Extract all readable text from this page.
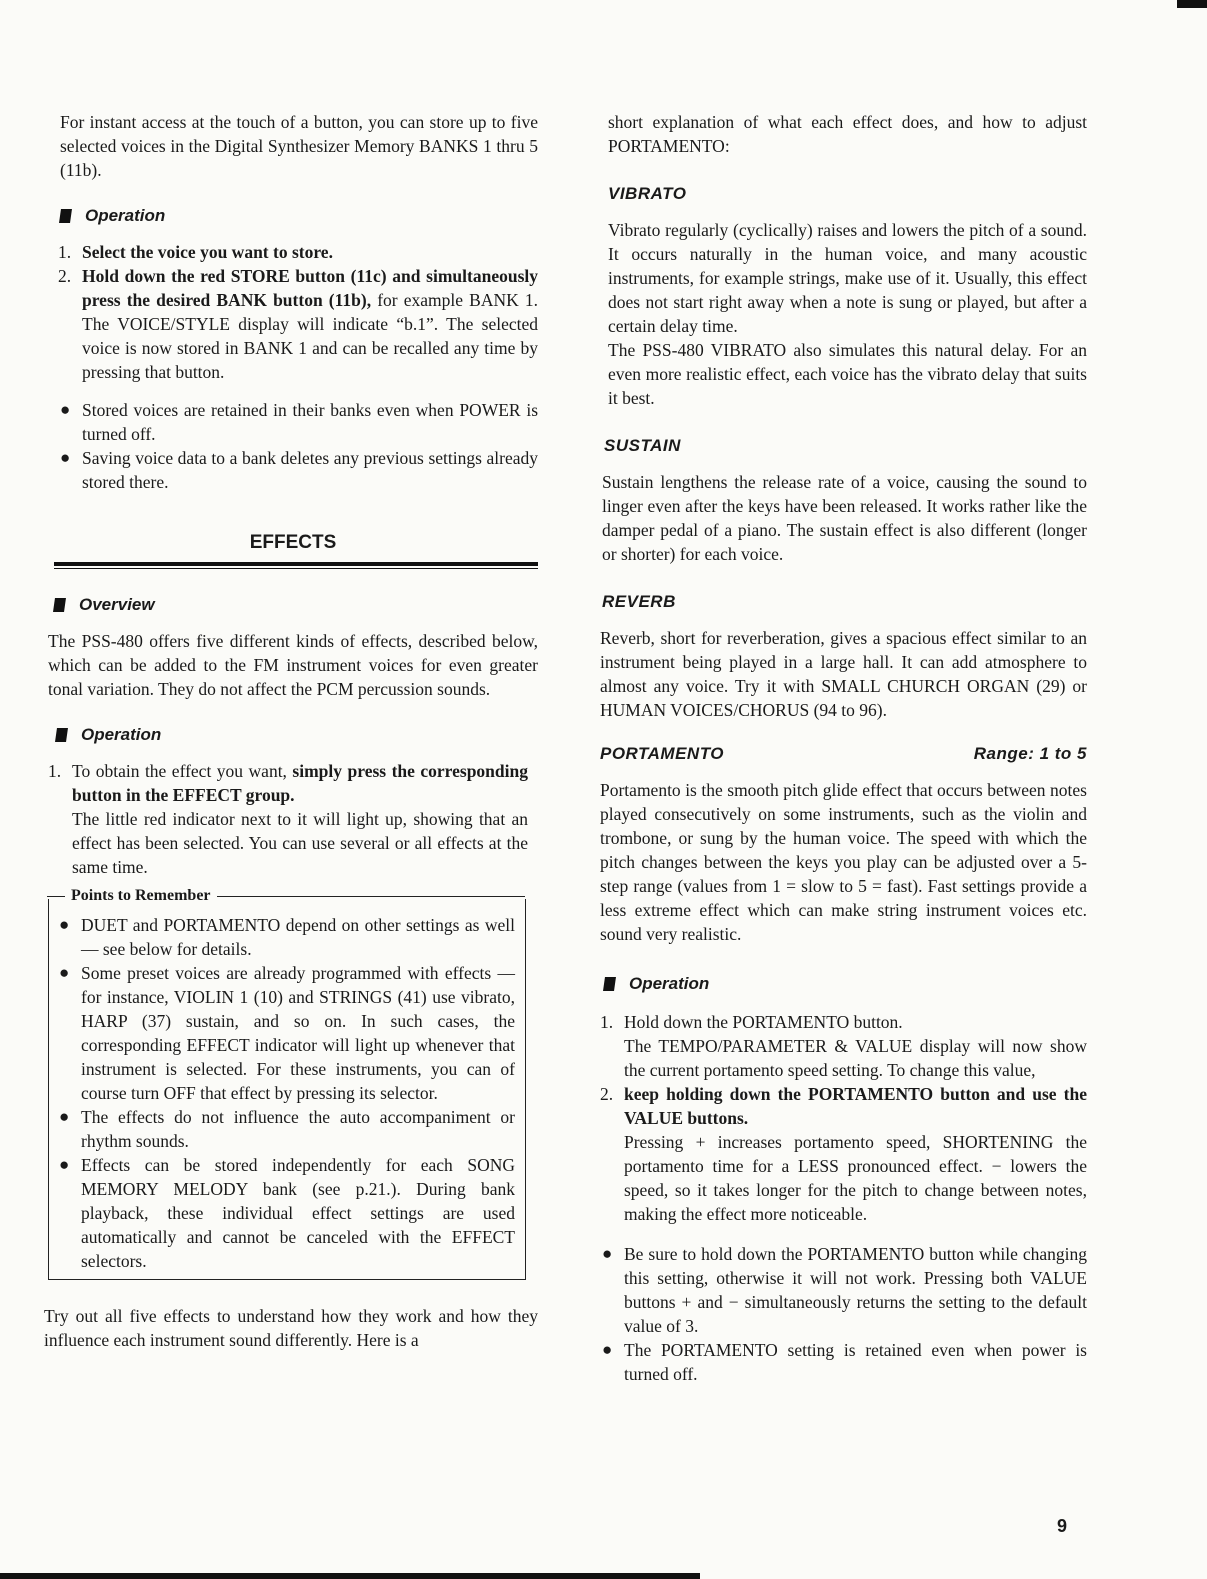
For instant access at the touch of a button, you can store up to five selected voices in the Digital Synthesizer Memory BANKS 1 thru 5 (11b).

Operation
1. Select the voice you want to store.
2. Hold down the red STORE button (11c) and simultaneously press the desired BANK button (11b), for example BANK 1. The VOICE/STYLE display will indicate “b.1”. The selected voice is now stored in BANK 1 and can be recalled any time by pressing that button.
● Stored voices are retained in their banks even when POWER is turned off.
● Saving voice data to a bank deletes any previous settings already stored there.
EFFECTS
Overview

The PSS-480 offers five different kinds of effects, described below, which can be added to the FM instrument voices for even greater tonal variation. They do not affect the PCM percussion sounds.

Operation
1. To obtain the effect you want, simply press the corresponding button in the EFFECT group.
The little red indicator next to it will light up, showing that an effect has been selected. You can use several or all effects at the same time.
Points to Remember
● DUET and PORTAMENTO depend on other settings as well — see below for details.
● Some preset voices are already programmed with effects — for instance, VIOLIN 1 (10) and STRINGS (41) use vibrato, HARP (37) sustain, and so on. In such cases, the corresponding EFFECT indicator will light up whenever that instrument is selected. For these instruments, you can of course turn OFF that effect by pressing its selector.
● The effects do not influence the auto accompaniment or rhythm sounds.
● Effects can be stored independently for each SONG MEMORY MELODY bank (see p.21.). During bank playback, these individual effect settings are used automatically and cannot be canceled with the EFFECT selectors.

Try out all five effects to understand how they work and how they influence each instrument sound differently. Here is a

short explanation of what each effect does, and how to adjust PORTAMENTO:

VIBRATO

Vibrato regularly (cyclically) raises and lowers the pitch of a sound. It occurs naturally in the human voice, and many acoustic instruments, for example strings, make use of it. Usually, this effect does not start right away when a note is sung or played, but after a certain delay time.

The PSS-480 VIBRATO also simulates this natural delay. For an even more realistic effect, each voice has the vibrato delay that suits it best.

SUSTAIN

Sustain lengthens the release rate of a voice, causing the sound to linger even after the keys have been released. It works rather like the damper pedal of a piano. The sustain effect is also different (longer or shorter) for each voice.

REVERB

Reverb, short for reverberation, gives a spacious effect similar to an instrument being played in a large hall. It can add atmosphere to almost any voice. Try it with SMALL CHURCH ORGAN (29) or HUMAN VOICES/CHORUS (94 to 96).

PORTAMENTO	Range: 1 to 5

Portamento is the smooth pitch glide effect that occurs between notes played consecutively on some instruments, such as the violin and trombone, or sung by the human voice. The speed with which the pitch changes between the keys you play can be adjusted over a 5-step range (values from 1 = slow to 5 = fast). Fast settings provide a less extreme effect which can make string instrument voices etc. sound very realistic.

Operation
1. Hold down the PORTAMENTO button.
The TEMPO/PARAMETER & VALUE display will now show the current portamento speed setting. To change this value,
2. keep holding down the PORTAMENTO button and use the VALUE buttons.
Pressing + increases portamento speed, SHORTENING the portamento time for a LESS pronounced effect. − lowers the speed, so it takes longer for the pitch to change between notes, making the effect more noticeable.
● Be sure to hold down the PORTAMENTO button while changing this setting, otherwise it will not work. Pressing both VALUE buttons + and − simultaneously returns the setting to the default value of 3.
● The PORTAMENTO setting is retained even when power is turned off.
9
